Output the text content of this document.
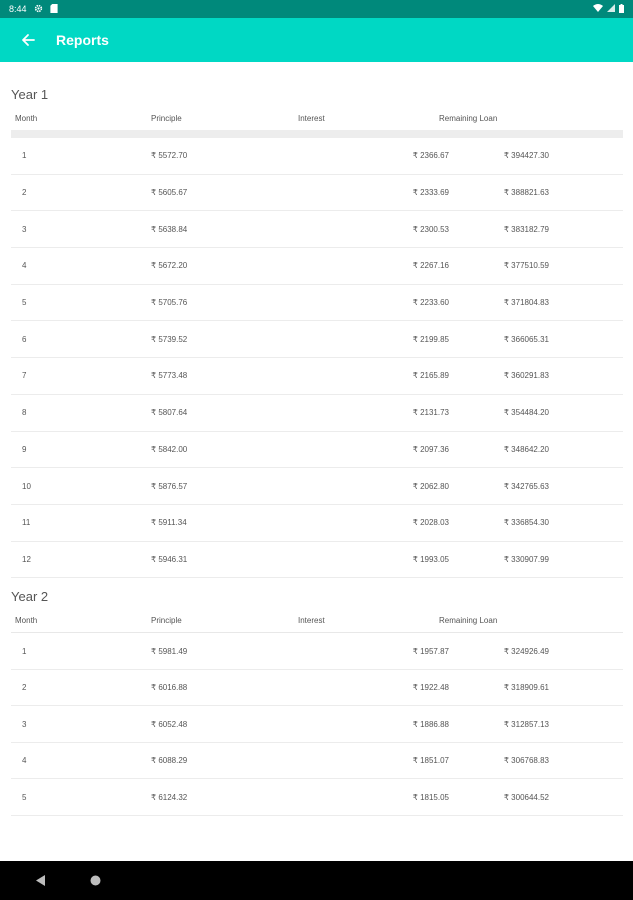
8:44
Reports
Year 1
Month	Principle	Interest	Remaining Loan
1	₹ 5572.70	₹ 2366.67	₹ 394427.30
2	₹ 5605.67	₹ 2333.69	₹ 388821.63
3	₹ 5638.84	₹ 2300.53	₹ 383182.79
4	₹ 5672.20	₹ 2267.16	₹ 377510.59
5	₹ 5705.76	₹ 2233.60	₹ 371804.83
6	₹ 5739.52	₹ 2199.85	₹ 366065.31
7	₹ 5773.48	₹ 2165.89	₹ 360291.83
8	₹ 5807.64	₹ 2131.73	₹ 354484.20
9	₹ 5842.00	₹ 2097.36	₹ 348642.20
10	₹ 5876.57	₹ 2062.80	₹ 342765.63
11	₹ 5911.34	₹ 2028.03	₹ 336854.30
12	₹ 5946.31	₹ 1993.05	₹ 330907.99
Year 2
Month	Principle	Interest	Remaining Loan
1	₹ 5981.49	₹ 1957.87	₹ 324926.49
2	₹ 6016.88	₹ 1922.48	₹ 318909.61
3	₹ 6052.48	₹ 1886.88	₹ 312857.13
4	₹ 6088.29	₹ 1851.07	₹ 306768.83
5	₹ 6124.32	₹ 1815.05	₹ 300644.52
